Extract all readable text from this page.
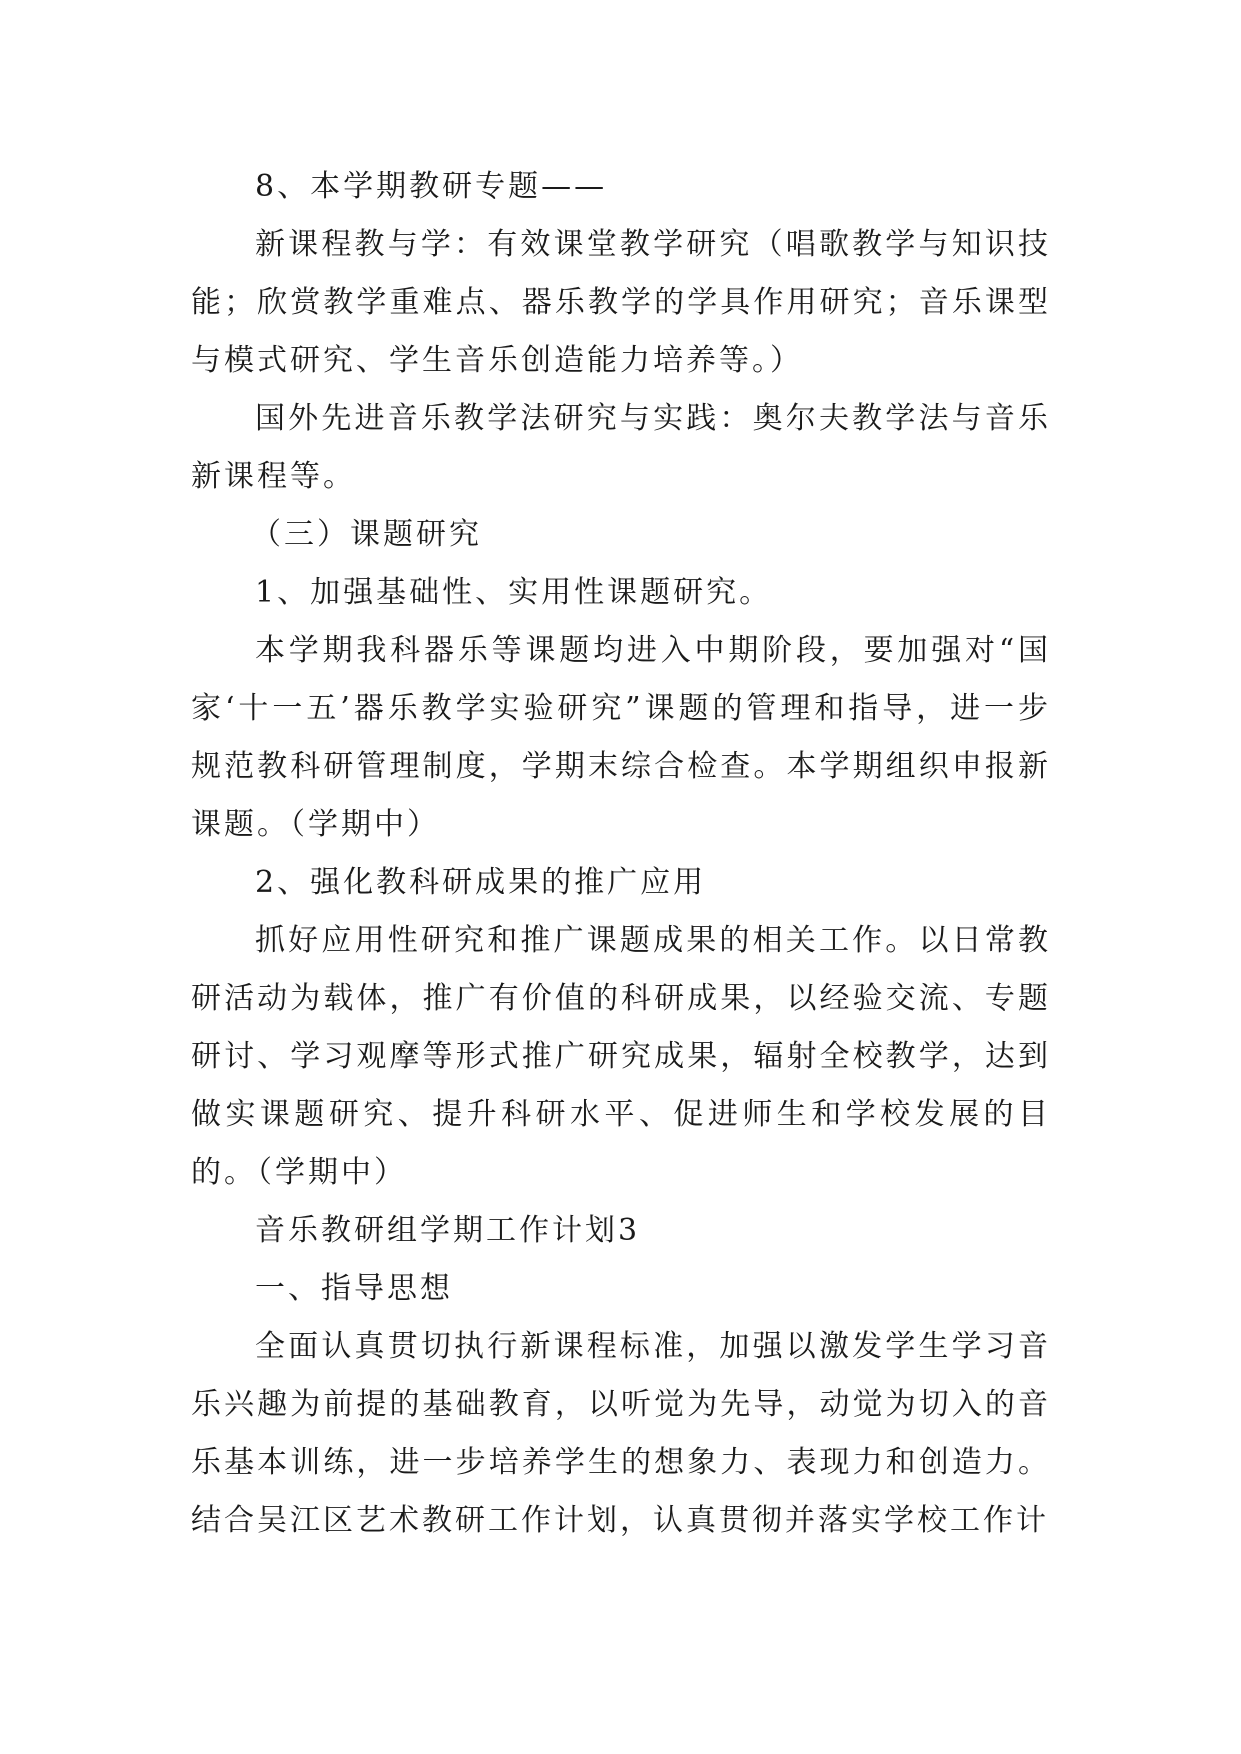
8、本学期教研专题——

新课程教与学：有效课堂教学研究（唱歌教学与知识技能；欣赏教学重难点、器乐教学的学具作用研究；音乐课型与模式研究、学生音乐创造能力培养等。）

国外先进音乐教学法研究与实践：奥尔夫教学法与音乐新课程等。

（三）课题研究

1、加强基础性、实用性课题研究。

本学期我科器乐等课题均进入中期阶段，要加强对“国家‘十一五’器乐教学实验研究”课题的管理和指导，进一步规范教科研管理制度，学期末综合检查。本学期组织申报新课题。（学期中）

2、强化教科研成果的推广应用

抓好应用性研究和推广课题成果的相关工作。以日常教研活动为载体，推广有价值的科研成果，以经验交流、专题研讨、学习观摩等形式推广研究成果，辐射全校教学，达到做实课题研究、提升科研水平、促进师生和学校发展的目的。（学期中）

音乐教研组学期工作计划3

一、指导思想

全面认真贯切执行新课程标准，加强以激发学生学习音乐兴趣为前提的基础教育，以听觉为先导，动觉为切入的音乐基本训练，进一步培养学生的想象力、表现力和创造力。结合吴江区艺术教研工作计划，认真贯彻并落实学校工作计
